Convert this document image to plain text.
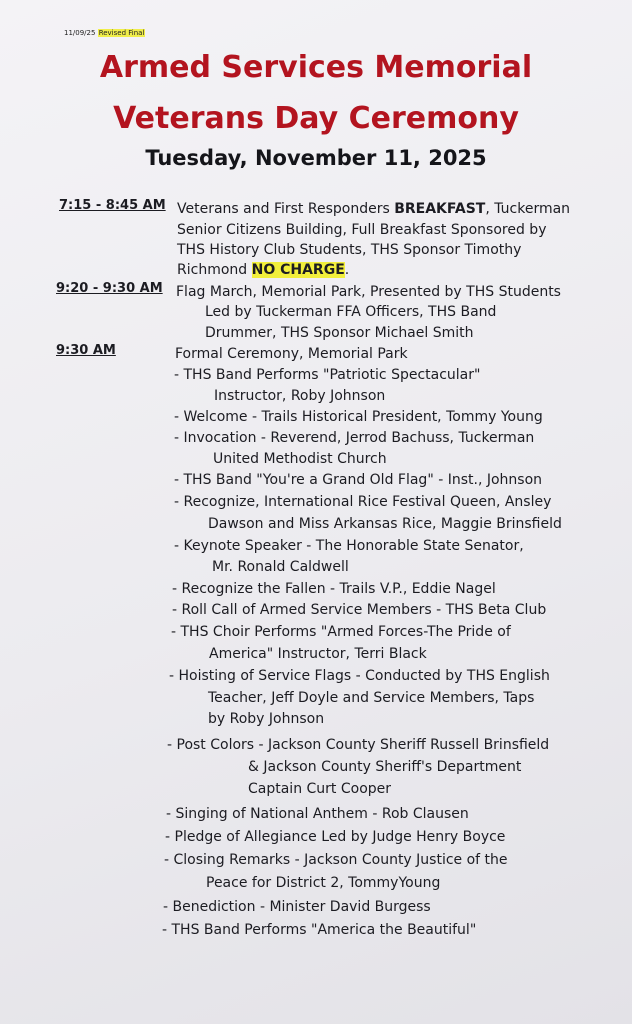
11/09/25 Revised Final
Armed Services Memorial
Veterans Day Ceremony
Tuesday, November 11, 2025
7:15 - 8:45 AM Veterans and First Responders BREAKFAST, Tuckerman
Senior Citizens Building, Full Breakfast Sponsored by
THS History Club Students, THS Sponsor Timothy
Richmond NO CHARGE.
9:20 - 9:30 AM Flag March, Memorial Park, Presented by THS Students
Led by Tuckerman FFA Officers, THS Band
Drummer, THS Sponsor Michael Smith
9:30 AM	Formal Ceremony, Memorial Park
- THS Band Performs "Patriotic Spectacular"
Instructor, Roby Johnson
- Welcome - Trails Historical President, Tommy Young
- Invocation - Reverend, Jerrod Bachuss, Tuckerman
United Methodist Church
- THS Band "You're a Grand Old Flag" - Inst., Johnson
- Recognize, International Rice Festival Queen, Ansley
Dawson and Miss Arkansas Rice, Maggie Brinsfield
- Keynote Speaker - The Honorable State Senator,
Mr. Ronald Caldwell
- Recognize the Fallen - Trails V.P., Eddie Nagel
- Roll Call of Armed Service Members - THS Beta Club
- THS Choir Performs "Armed Forces-The Pride of
America" Instructor, Terri Black
- Hoisting of Service Flags - Conducted by THS English
Teacher, Jeff Doyle and Service Members, Taps
by Roby Johnson
- Post Colors - Jackson County Sheriff Russell Brinsfield
& Jackson County Sheriff's Department
Captain Curt Cooper
- Singing of National Anthem - Rob Clausen
- Pledge of Allegiance Led by Judge Henry Boyce
- Closing Remarks - Jackson County Justice of the
Peace for District 2, TommyYoung
- Benediction - Minister David Burgess
- THS Band Performs "America the Beautiful"
